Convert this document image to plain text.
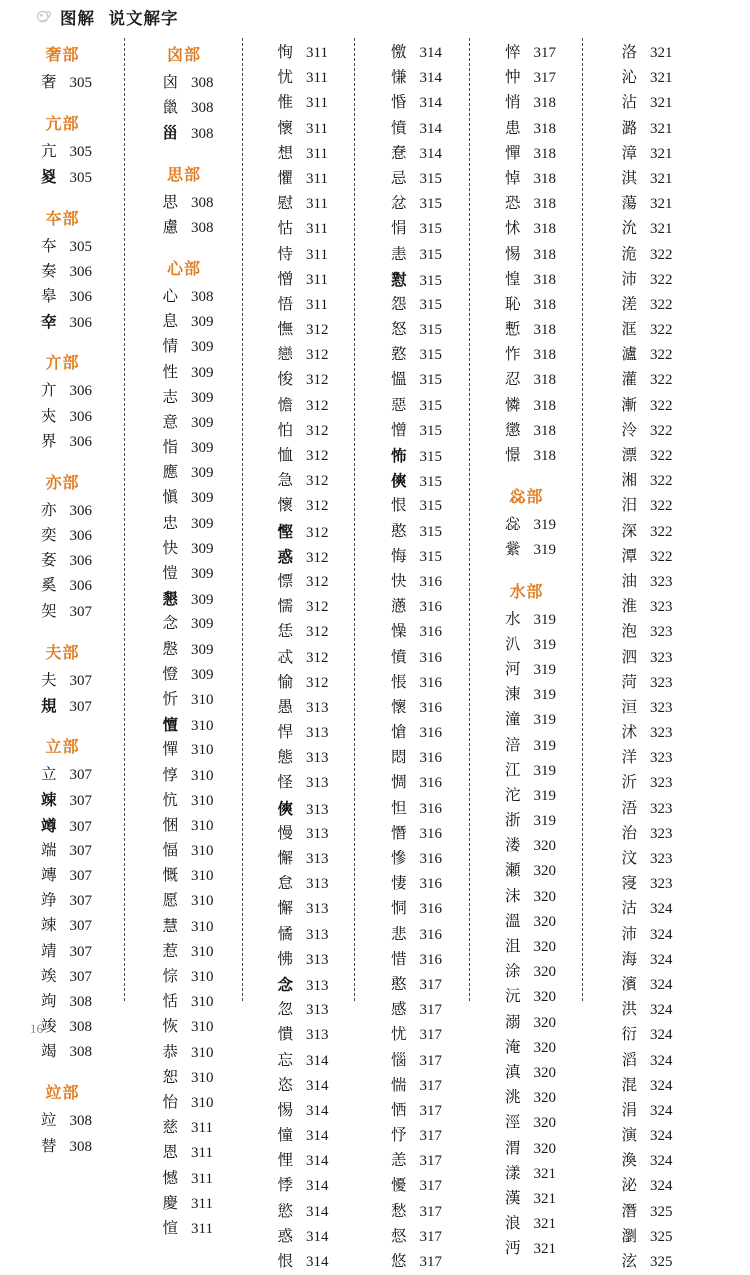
图解  说文解字
奢部
奢 305
亢部
亢 305
㚇 305
夲部
夲 305
奏 306
皋 306
㚔 306
亣部
亣 306
㚒 306
界 306
亦部
亦 306
奕 306
㚣 306
奚 306
㚙 307
夫部
夫 307
規 307
立部
立 307
竦 307
竴 307
端 307
竱 307
竫 307
竦 307
靖 307
竢 307
竘 308
竣 308
竭 308
竝部
竝 308
替 308
囟部
囟 308
巤 308
甾 308
思部
思 308
慮 308
心部
心 308
息 309
情 309
性 309
志 309
意 309
恉 309
應 309
愼 309
忠 309
快 309
愷 309
懇 309
念 309
慇 309
憕 309
忻 310
憻 310
憚 310
惇 310
忼 310
悃 310
愊 310
慨 310
愿 310
慧 310
惹 310
悰 310
恬 310
恢 310
恭 310
恕 310
怡 310
慈 311
恩 311
憾 311
慶 311
愃 311
恂 311
忧 311
惟 311
懷 311
想 311
懼 311
慰 311
怙 311
恃 311
憎 311
悟 311
憮 312
戀 312
悛 312
憺 312
怕 312
恤 312
急 312
懷 312
慳 312
惑 312
慓 312
懦 312
恁 312
忒 312
愉 312
愚 313
悍 313
態 313
怪 313
傸 313
慢 313
懈 313
怠 313
懈 313
憰 313
怫 313
念 313
忽 313
憒 313
忘 314
恣 314
惕 314
憧 314
悝 314
悸 314
慾 314
惑 314
恨 314
憿 314
慊 314
惛 314
憤 314
惷 314
忌 315
忿 315
悁 315
恚 315
懟 315
怨 315
怒 315
憝 315
慍 315
惡 315
憎 315
怖 315
傸 315
恨 315
憨 315
悔 315
快 316
懣 316
懆 316
憤 316
悵 316
懷 316
愴 316
悶 316
惆 316
怛 316
憯 316
慘 316
悽 316
恫 316
悲 316
惜 316
憨 317
感 317
忧 317
惱 317
惴 317
恓 317
忬 317
恙 317
懮 317
愁 317
惄 317
悠 317
悴 317
忡 317
悄 318
患 318
憚 318
悼 318
恐 318
怵 318
惕 318
惶 318
恥 318
慙 318
怍 318
忍 318
憐 318
懲 318
憬 318
惢部
惢 319
繠 319
水部
水 319
汃 319
河 319
涷 319
潼 319
涪 319
江 319
沱 319
浙 319
溇 320
瀬 320
沫 320
溫 320
沮 320
涂 320
沅 320
溺 320
淹 320
滇 320
洮 320
涇 320
渭 320
漾 321
漢 321
浪 321
沔 321
洛 321
沁 321
沾 321
潞 321
漳 321
淇 321
蕩 321
沇 321
洈 322
沛 322
溠 322
洭 322
瀘 322
灌 322
漸 322
泠 322
漂 322
湘 322
汨 322
深 322
潭 322
油 323
淮 323
泡 323
泗 323
菏 323
洹 323
沭 323
洋 323
沂 323
浯 323
治 323
汶 323
寖 323
沽 324
沛 324
海 324
濱 324
洪 324
衍 324
滔 324
混 324
涓 324
演 324
渙 324
泌 324
潛 325
瀏 325
泫 325
16
